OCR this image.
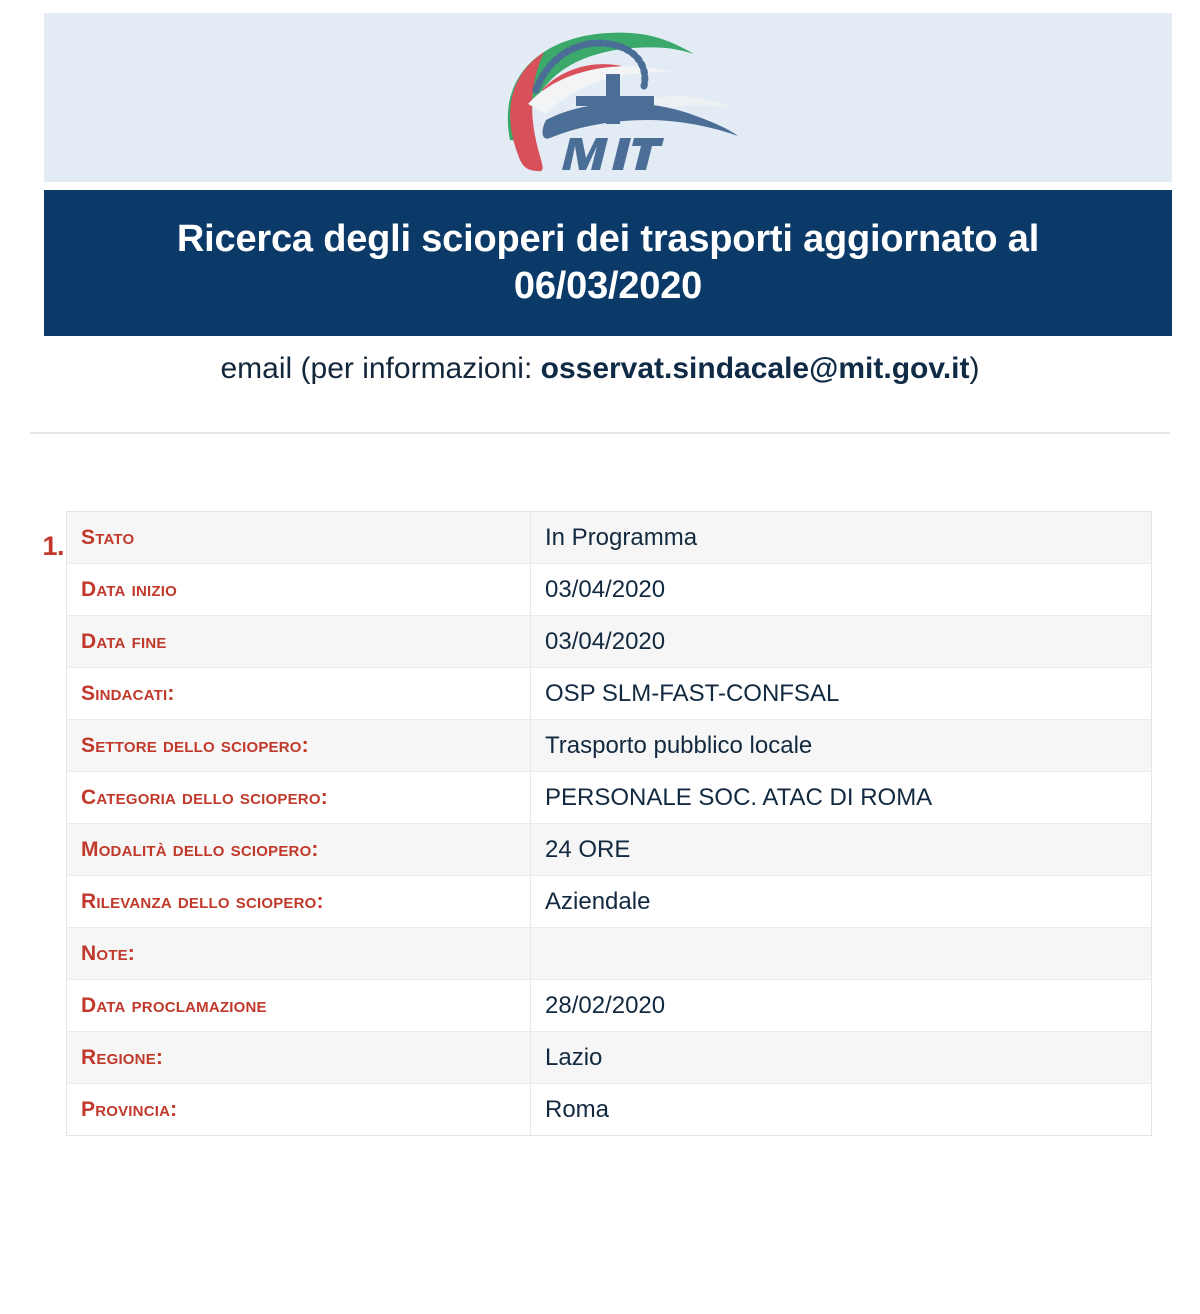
Ricerca degli scioperi dei trasporti aggiornato al
06/03/2020
email (per informazioni: osservat.sindacale@mit.gov.it)
1. Stato	In Programma
Data inizio	03/04/2020
Data fine	03/04/2020
Sindacati:	OSP SLM-FAST-CONFSAL
Settore dello sciopero:	Trasporto pubblico locale
Categoria dello sciopero:	PERSONALE SOC. ATAC DI ROMA
Modalità dello sciopero:	24 ORE
Rilevanza dello sciopero:	Aziendale
Note:	
Data proclamazione	28/02/2020
Regione:	Lazio
Provincia:	Roma
